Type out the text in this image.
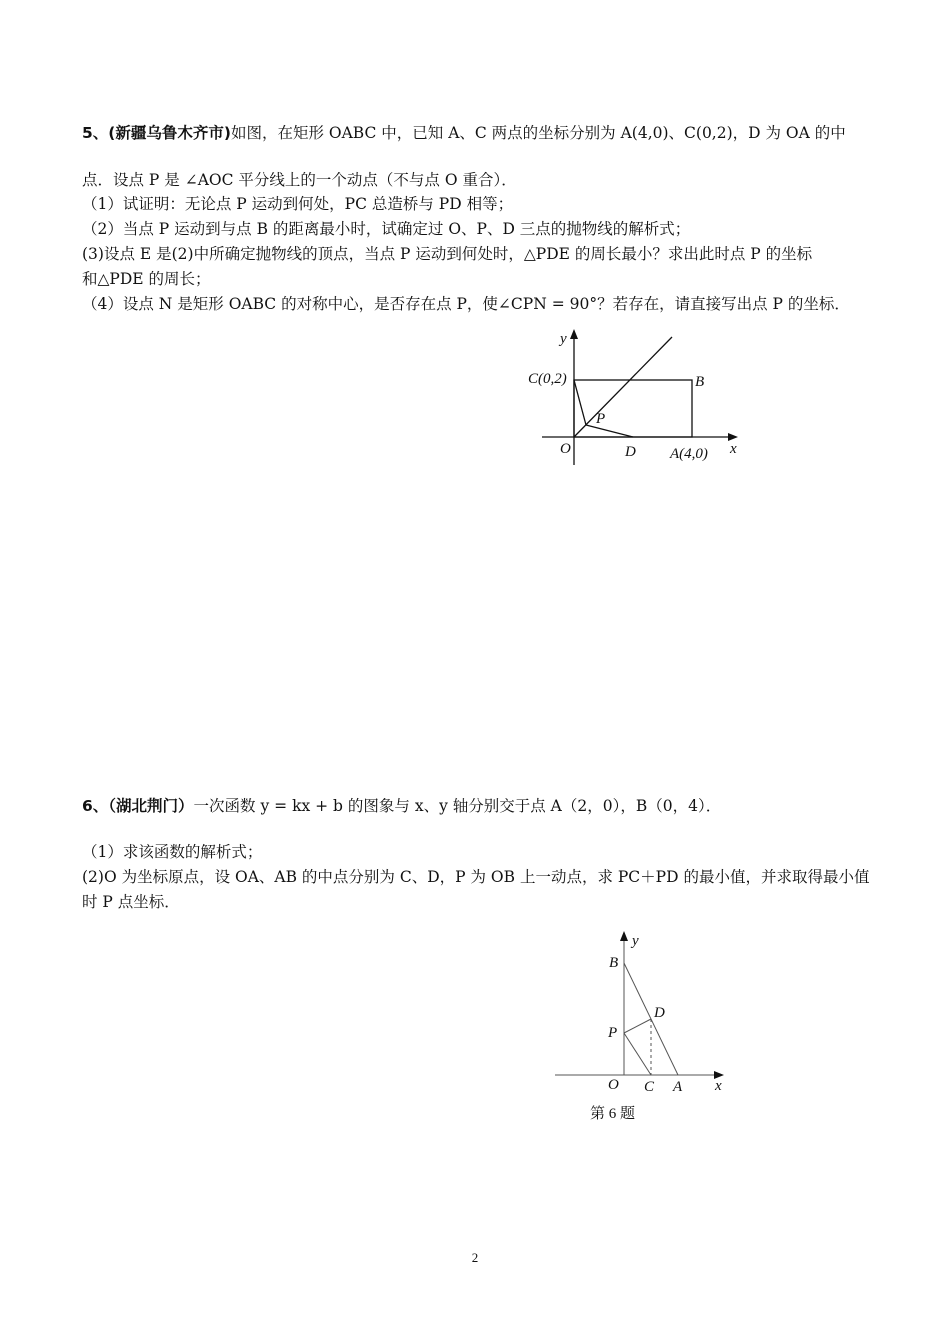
5、(新疆乌鲁木齐市)如图，在矩形 OABC 中，已知 A、C 两点的坐标分别为 A(4,0)、C(0,2)，D 为 OA 的中
点．设点 P 是 ∠AOC 平分线上的一个动点（不与点 O 重合）．
（1）试证明：无论点 P 运动到何处，PC 总造桥与 PD 相等；
（2）当点 P 运动到与点 B 的距离最小时，试确定过 O、P、D 三点的抛物线的解析式；
(3)设点 E 是(2)中所确定抛物线的顶点，当点 P 运动到何处时，△PDE 的周长最小？求出此时点 P 的坐标
和△PDE 的周长；
（4）设点 N 是矩形 OABC 的对称中心，是否存在点 P，使∠CPN = 90°？若存在，请直接写出点 P 的坐标．
y
x
C(0,2)	B
P
O	D A(4,0)
6、（湖北荆门）一次函数 y = kx + b 的图象与 x、y 轴分别交于点 A（2，0），B（0，4）．
（1）求该函数的解析式；
(2)O 为坐标原点，设 OA、AB 的中点分别为 C、D，P 为 OB 上一动点，求 PC＋PD 的最小值，并求取得最小值
时 P 点坐标．
y
x
B
D
P
O C A
第 6 题
2
